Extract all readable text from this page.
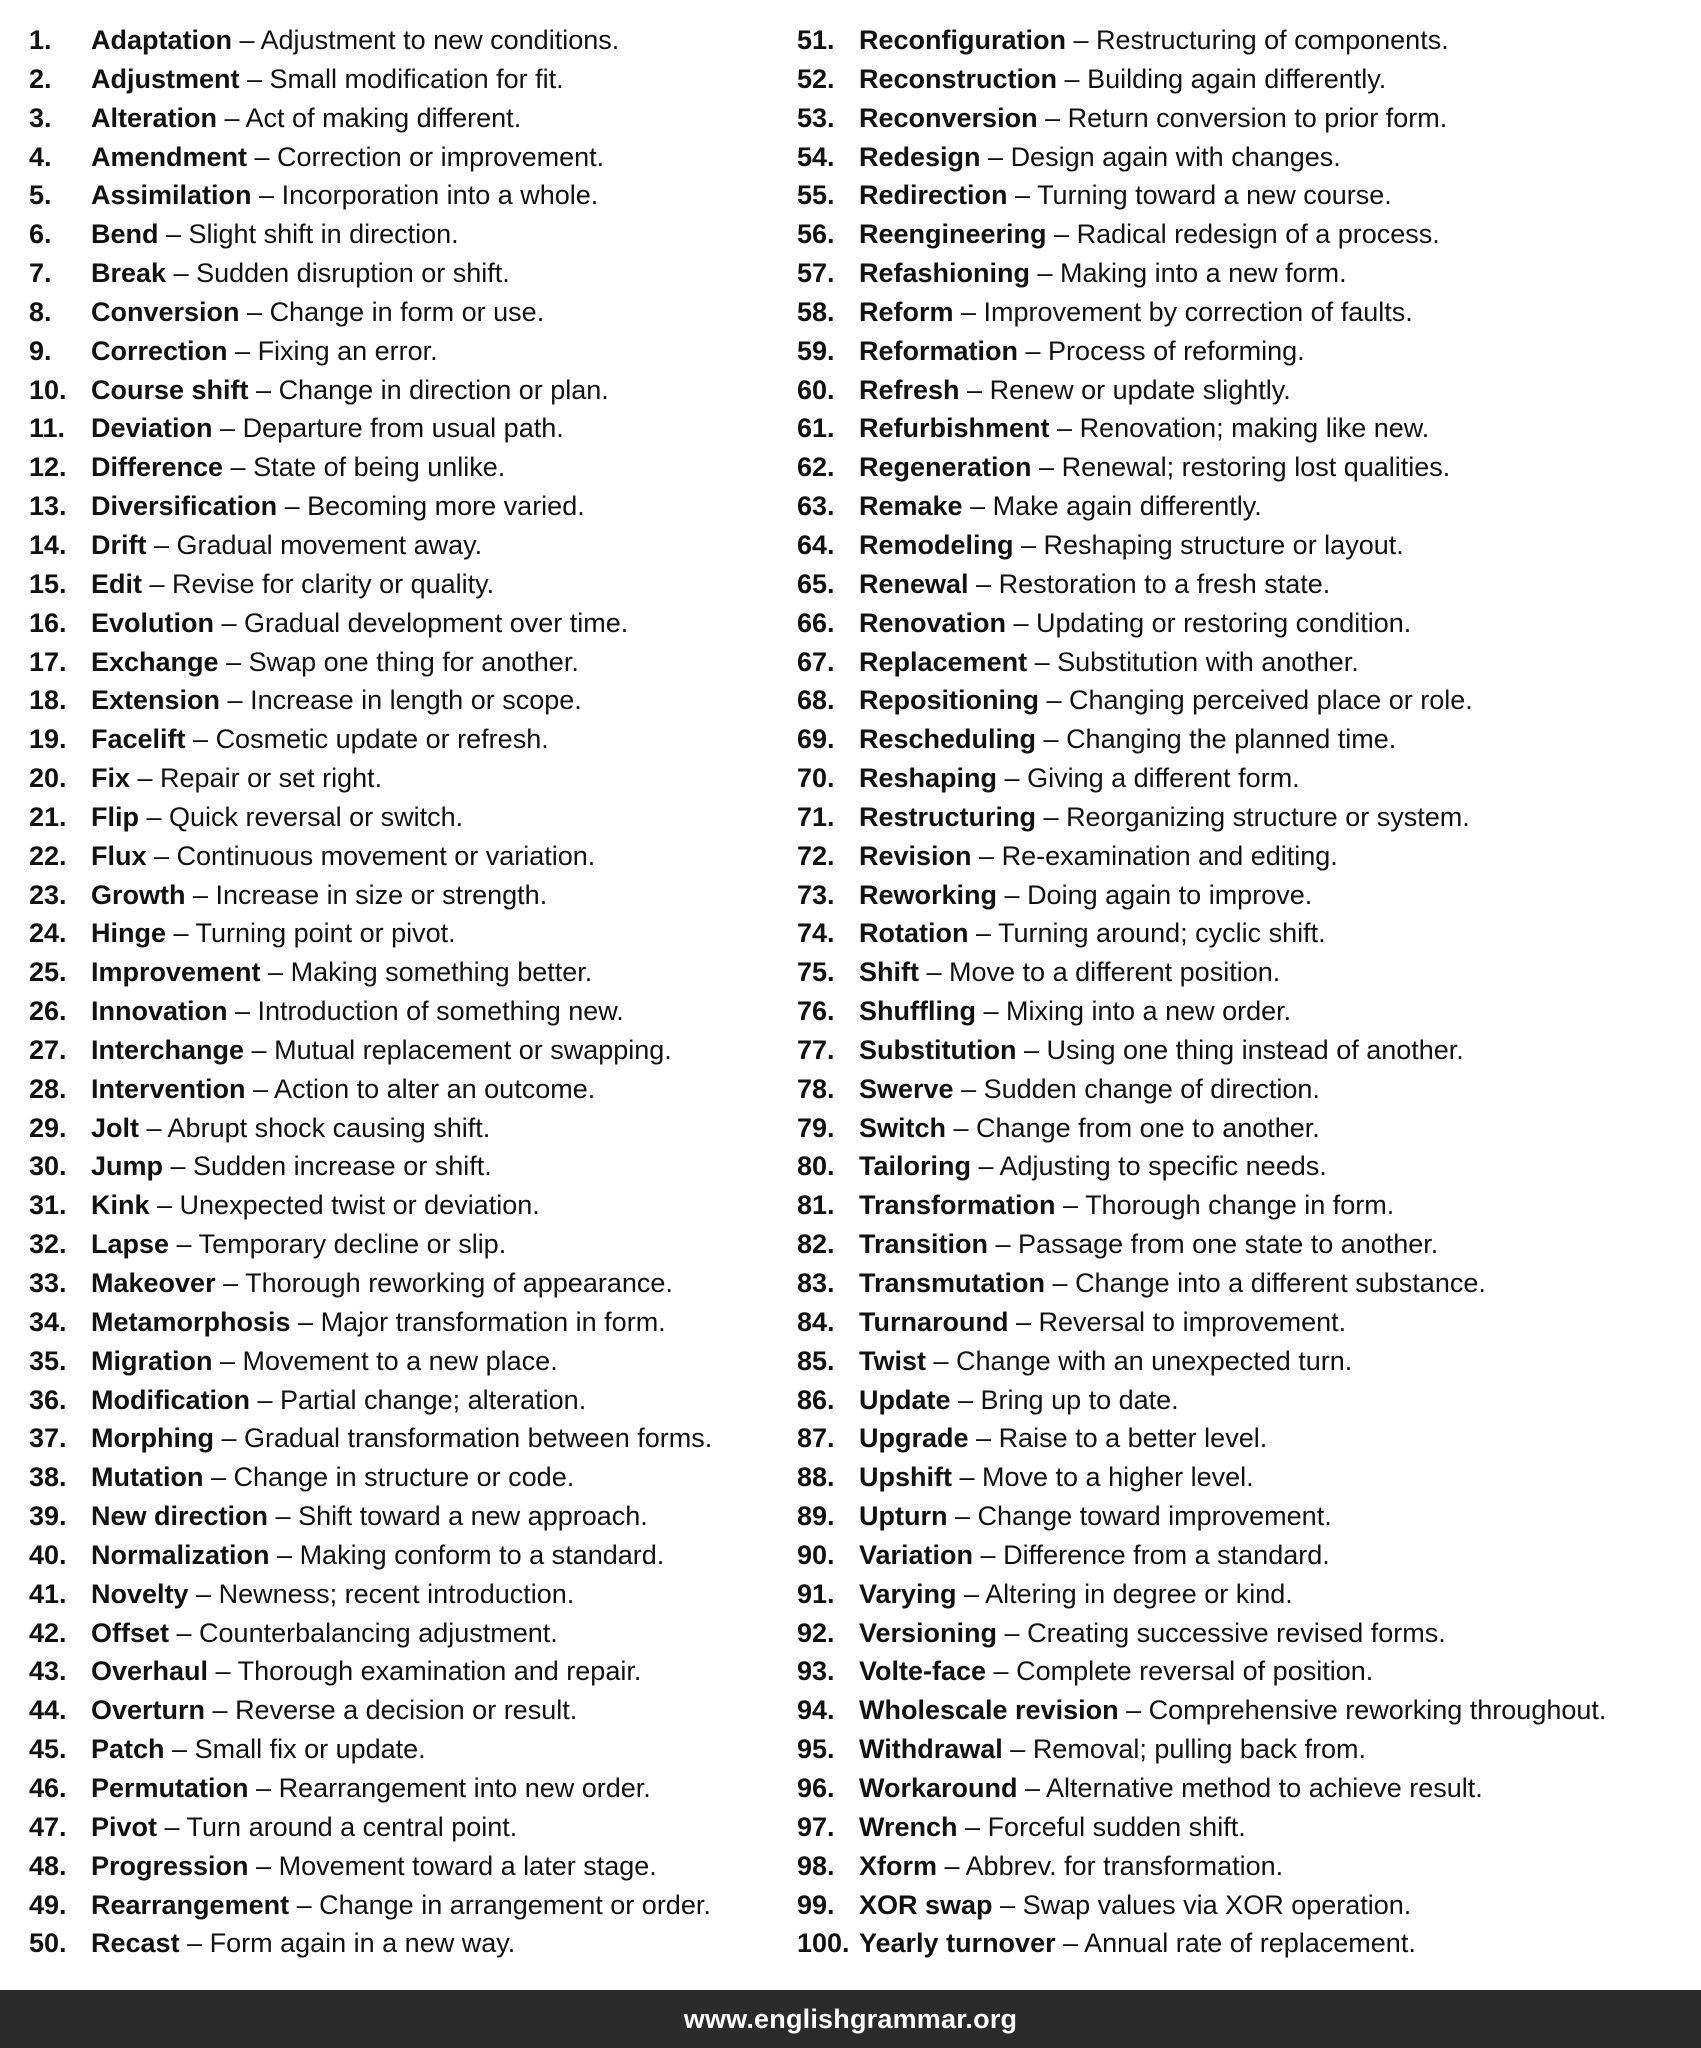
1.	Adaptation – Adjustment to new conditions.
2.	Adjustment – Small modification for fit.
3.	Alteration – Act of making different.
4.	Amendment – Correction or improvement.
5.	Assimilation – Incorporation into a whole.
6.	Bend – Slight shift in direction.
7.	Break – Sudden disruption or shift.
8.	Conversion – Change in form or use.
9.	Correction – Fixing an error.
10. Course shift – Change in direction or plan.
11. Deviation – Departure from usual path.
12. Difference – State of being unlike.
13. Diversification – Becoming more varied.
14. Drift – Gradual movement away.
15. Edit – Revise for clarity or quality.
16. Evolution – Gradual development over time.
17. Exchange – Swap one thing for another.
18. Extension – Increase in length or scope.
19. Facelift – Cosmetic update or refresh.
20. Fix – Repair or set right.
21. Flip – Quick reversal or switch.
22. Flux – Continuous movement or variation.
23. Growth – Increase in size or strength.
24. Hinge – Turning point or pivot.
25. Improvement – Making something better.
26. Innovation – Introduction of something new.
27. Interchange – Mutual replacement or swapping.
28. Intervention – Action to alter an outcome.
29. Jolt – Abrupt shock causing shift.
30. Jump – Sudden increase or shift.
31. Kink – Unexpected twist or deviation.
32. Lapse – Temporary decline or slip.
33. Makeover – Thorough reworking of appearance.
34. Metamorphosis – Major transformation in form.
35. Migration – Movement to a new place.
36. Modification – Partial change; alteration.
37. Morphing – Gradual transformation between forms.
38. Mutation – Change in structure or code.
39. New direction – Shift toward a new approach.
40. Normalization – Making conform to a standard.
41. Novelty – Newness; recent introduction.
42. Offset – Counterbalancing adjustment.
43. Overhaul – Thorough examination and repair.
44. Overturn – Reverse a decision or result.
45. Patch – Small fix or update.
46. Permutation – Rearrangement into new order.
47. Pivot – Turn around a central point.
48. Progression – Movement toward a later stage.
49. Rearrangement – Change in arrangement or order.
50. Recast – Form again in a new way.
51. Reconfiguration – Restructuring of components.
52. Reconstruction – Building again differently.
53. Reconversion – Return conversion to prior form.
54. Redesign – Design again with changes.
55. Redirection – Turning toward a new course.
56. Reengineering – Radical redesign of a process.
57. Refashioning – Making into a new form.
58. Reform – Improvement by correction of faults.
59. Reformation – Process of reforming.
60. Refresh – Renew or update slightly.
61. Refurbishment – Renovation; making like new.
62. Regeneration – Renewal; restoring lost qualities.
63. Remake – Make again differently.
64. Remodeling – Reshaping structure or layout.
65. Renewal – Restoration to a fresh state.
66. Renovation – Updating or restoring condition.
67. Replacement – Substitution with another.
68. Repositioning – Changing perceived place or role.
69. Rescheduling – Changing the planned time.
70. Reshaping – Giving a different form.
71. Restructuring – Reorganizing structure or system.
72. Revision – Re-examination and editing.
73. Reworking – Doing again to improve.
74. Rotation – Turning around; cyclic shift.
75. Shift – Move to a different position.
76. Shuffling – Mixing into a new order.
77. Substitution – Using one thing instead of another.
78. Swerve – Sudden change of direction.
79. Switch – Change from one to another.
80. Tailoring – Adjusting to specific needs.
81. Transformation – Thorough change in form.
82. Transition – Passage from one state to another.
83. Transmutation – Change into a different substance.
84. Turnaround – Reversal to improvement.
85. Twist – Change with an unexpected turn.
86. Update – Bring up to date.
87. Upgrade – Raise to a better level.
88. Upshift – Move to a higher level.
89. Upturn – Change toward improvement.
90. Variation – Difference from a standard.
91. Varying – Altering in degree or kind.
92. Versioning – Creating successive revised forms.
93. Volte-face – Complete reversal of position.
94. Wholescale revision – Comprehensive reworking throughout.
95. Withdrawal – Removal; pulling back from.
96. Workaround – Alternative method to achieve result.
97. Wrench – Forceful sudden shift.
98. Xform – Abbrev. for transformation.
99. XOR swap – Swap values via XOR operation.
100. Yearly turnover – Annual rate of replacement.
www.englishgrammar.org
